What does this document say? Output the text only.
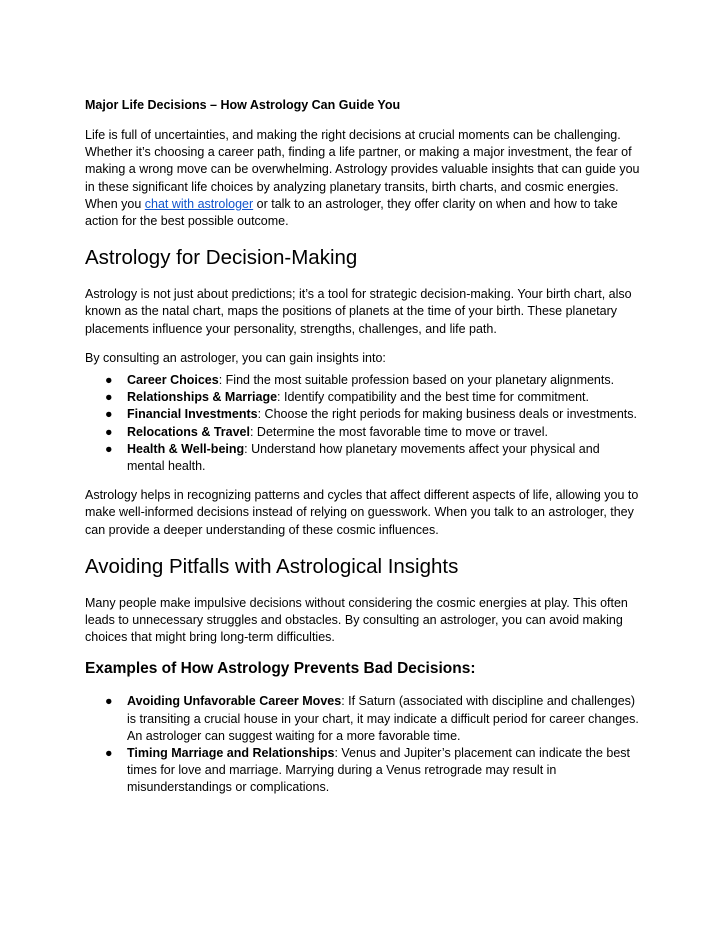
Major Life Decisions – How Astrology Can Guide You

Life is full of uncertainties, and making the right decisions at crucial moments can be challenging. Whether it’s choosing a career path, finding a life partner, or making a major investment, the fear of making a wrong move can be overwhelming. Astrology provides valuable insights that can guide you in these significant life choices by analyzing planetary transits, birth charts, and cosmic energies. When you chat with astrologer or talk to an astrologer, they offer clarity on when and how to take action for the best possible outcome.

Astrology for Decision-Making

Astrology is not just about predictions; it’s a tool for strategic decision-making. Your birth chart, also known as the natal chart, maps the positions of planets at the time of your birth. These planetary placements influence your personality, strengths, challenges, and life path.

By consulting an astrologer, you can gain insights into:

● Career Choices: Find the most suitable profession based on your planetary alignments.
● Relationships & Marriage: Identify compatibility and the best time for commitment.
● Financial Investments: Choose the right periods for making business deals or investments.
● Relocations & Travel: Determine the most favorable time to move or travel.
● Health & Well-being: Understand how planetary movements affect your physical and mental health.

Astrology helps in recognizing patterns and cycles that affect different aspects of life, allowing you to make well-informed decisions instead of relying on guesswork. When you talk to an astrologer, they can provide a deeper understanding of these cosmic influences.

Avoiding Pitfalls with Astrological Insights

Many people make impulsive decisions without considering the cosmic energies at play. This often leads to unnecessary struggles and obstacles. By consulting an astrologer, you can avoid making choices that might bring long-term difficulties.

Examples of How Astrology Prevents Bad Decisions:
● Avoiding Unfavorable Career Moves: If Saturn (associated with discipline and challenges) is transiting a crucial house in your chart, it may indicate a difficult period for career changes. An astrologer can suggest waiting for a more favorable time.
● Timing Marriage and Relationships: Venus and Jupiter’s placement can indicate the best times for love and marriage. Marrying during a Venus retrograde may result in misunderstandings or complications.
